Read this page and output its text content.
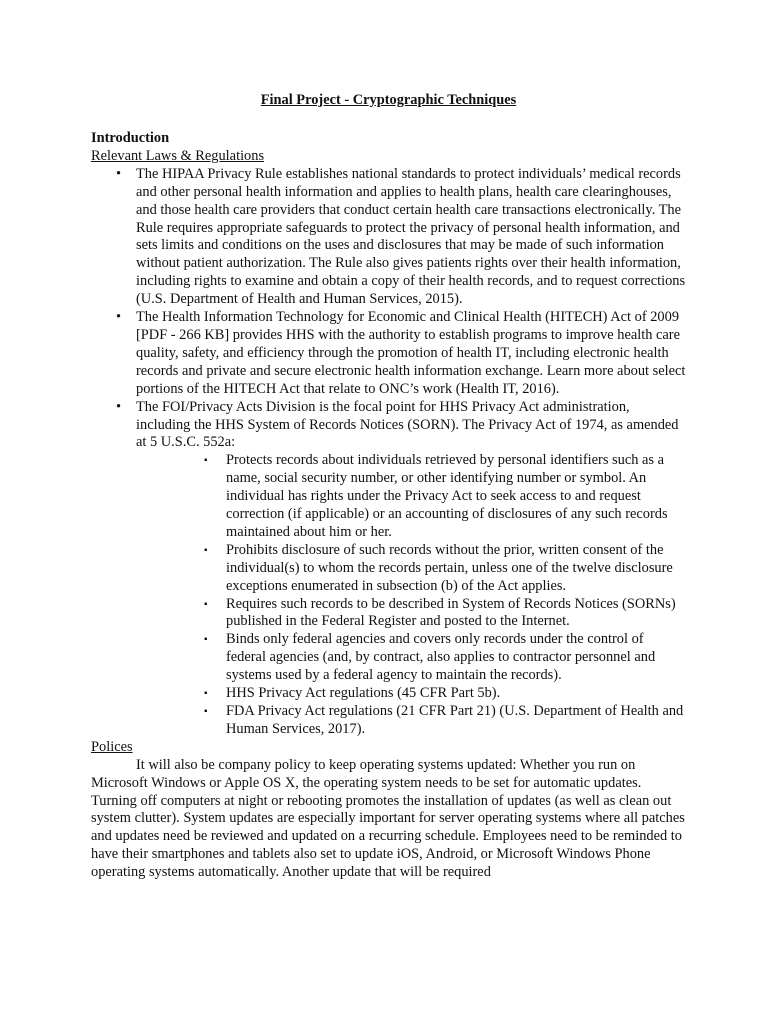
Final Project - Cryptographic Techniques
Introduction
Relevant Laws & Regulations
• The HIPAA Privacy Rule establishes national standards to protect individuals’ medical records and other personal health information and applies to health plans, health care clearinghouses, and those health care providers that conduct certain health care transactions electronically. The Rule requires appropriate safeguards to protect the privacy of personal health information, and sets limits and conditions on the uses and disclosures that may be made of such information without patient authorization. The Rule also gives patients rights over their health information, including rights to examine and obtain a copy of their health records, and to request corrections (U.S. Department of Health and Human Services, 2015).
• The Health Information Technology for Economic and Clinical Health (HITECH) Act of 2009 [PDF - 266 KB] provides HHS with the authority to establish programs to improve health care quality, safety, and efficiency through the promotion of health IT, including electronic health records and private and secure electronic health information exchange. Learn more about select portions of the HITECH Act that relate to ONC’s work (Health IT, 2016).
• The FOI/Privacy Acts Division is the focal point for HHS Privacy Act administration, including the HHS System of Records Notices (SORN). The Privacy Act of 1974, as amended at 5 U.S.C. 552a:
▪ Protects records about individuals retrieved by personal identifiers such as a name, social security number, or other identifying number or symbol. An individual has rights under the Privacy Act to seek access to and request correction (if applicable) or an accounting of disclosures of any such records maintained about him or her.
▪ Prohibits disclosure of such records without the prior, written consent of the individual(s) to whom the records pertain, unless one of the twelve disclosure exceptions enumerated in subsection (b) of the Act applies.
▪ Requires such records to be described in System of Records Notices (SORNs) published in the Federal Register and posted to the Internet.
▪ Binds only federal agencies and covers only records under the control of federal agencies (and, by contract, also applies to contractor personnel and systems used by a federal agency to maintain the records).
▪ HHS Privacy Act regulations (45 CFR Part 5b).
▪ FDA Privacy Act regulations (21 CFR Part 21) (U.S. Department of Health and Human Services, 2017).
Polices

It will also be company policy to keep operating systems updated: Whether you run on Microsoft Windows or Apple OS X, the operating system needs to be set for automatic updates. Turning off computers at night or rebooting promotes the installation of updates (as well as clean out system clutter). System updates are especially important for server operating systems where all patches and updates need be reviewed and updated on a recurring schedule. Employees need to be reminded to have their smartphones and tablets also set to update iOS, Android, or Microsoft Windows Phone operating systems automatically. Another update that will be required
